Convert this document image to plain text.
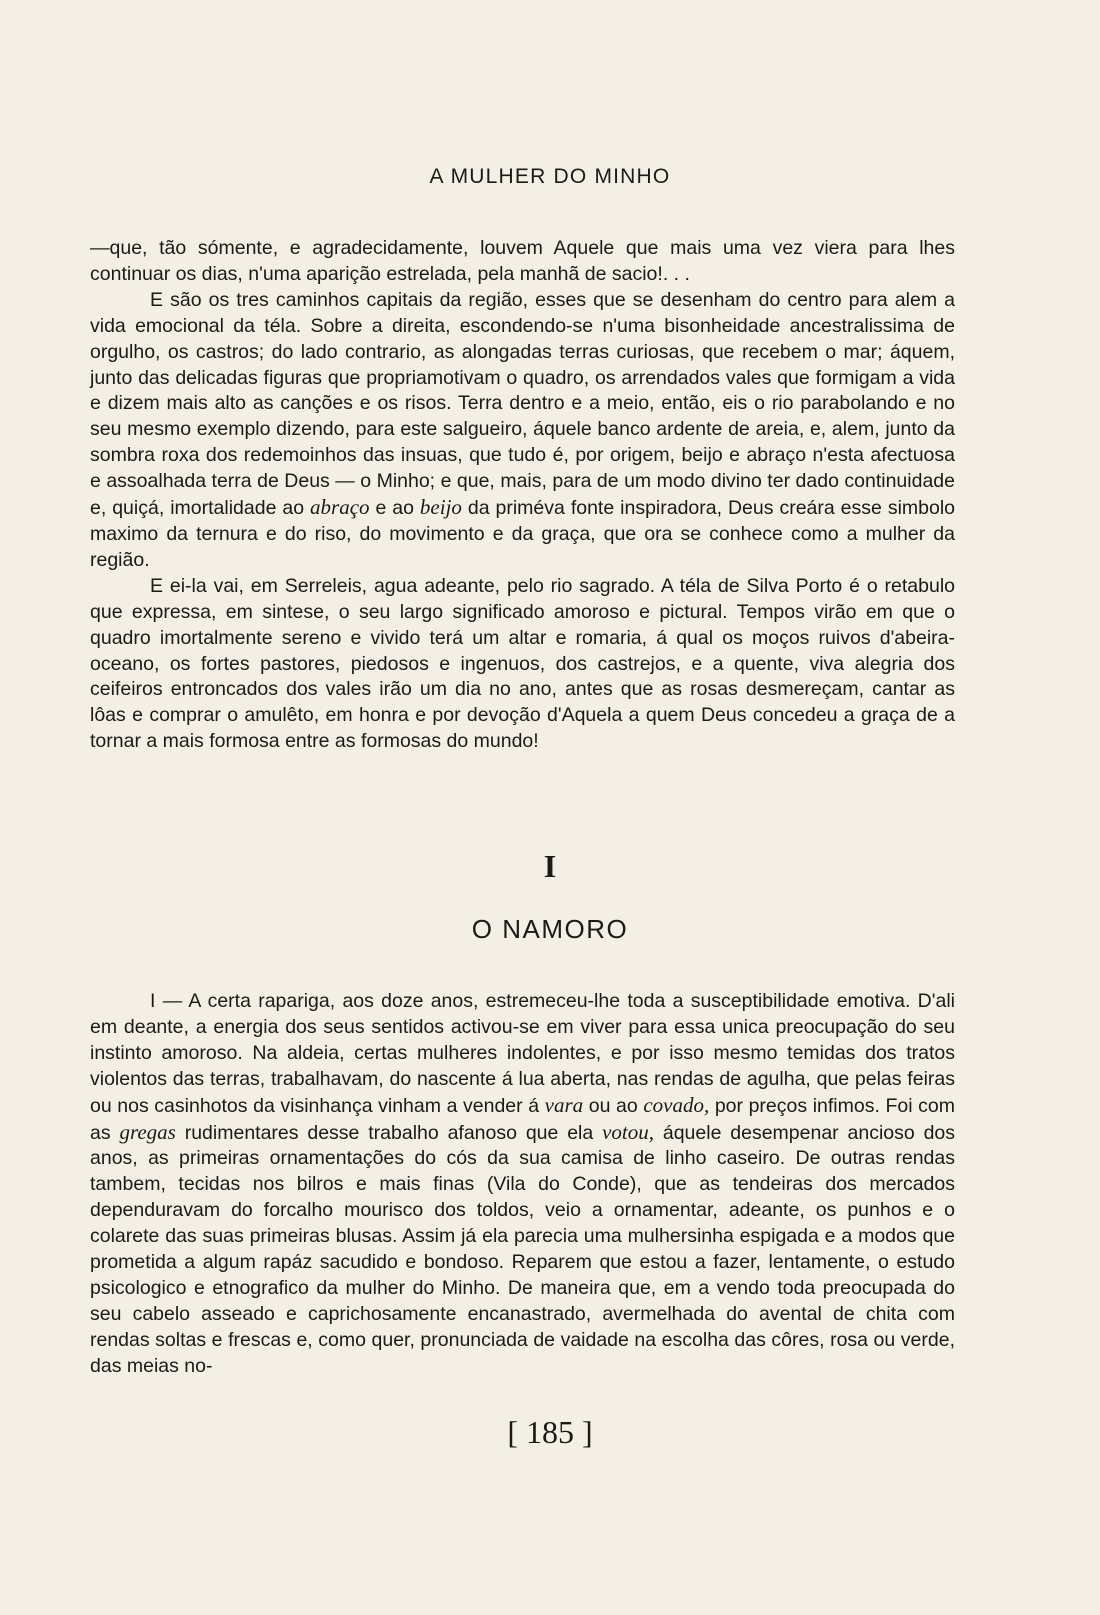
A MULHER DO MINHO

—que, tão sómente, e agradecidamente, louvem Aquele que mais uma vez viera para lhes continuar os dias, n'uma aparição estrelada, pela manhã de sacio!. . .

E são os tres caminhos capitais da região, esses que se desenham do centro para alem a vida emocional da téla. Sobre a direita, escondendo-se n'uma bisonheidade ancestralissima de orgulho, os castros; do lado contrario, as alongadas terras curiosas, que recebem o mar; áquem, junto das delicadas figuras que propriamotivam o quadro, os arrendados vales que formigam a vida e dizem mais alto as canções e os risos. Terra dentro e a meio, então, eis o rio parabolando e no seu mesmo exemplo dizendo, para este salgueiro, áquele banco ardente de areia, e, alem, junto da sombra roxa dos redemoinhos das insuas, que tudo é, por origem, beijo e abraço n'esta afectuosa e assoalhada terra de Deus — o Minho; e que, mais, para de um modo divino ter dado continuidade e, quiçá, imortalidade ao abraço e ao beijo da priméva fonte inspiradora, Deus creára esse simbolo maximo da ternura e do riso, do movimento e da graça, que ora se conhece como a mulher da região.

E ei-la vai, em Serreleis, agua adeante, pelo rio sagrado. A téla de Silva Porto é o retabulo que expressa, em sintese, o seu largo significado amoroso e pictural. Tempos virão em que o quadro imortalmente sereno e vivido terá um altar e romaria, á qual os moços ruivos d'abeira-oceano, os fortes pastores, piedosos e ingenuos, dos castrejos, e a quente, viva alegria dos ceifeiros entroncados dos vales irão um dia no ano, antes que as rosas desmereçam, cantar as lôas e comprar o amulêto, em honra e por devoção d'Aquela a quem Deus concedeu a graça de a tornar a mais formosa entre as formosas do mundo!

I
O NAMORO

I — A certa rapariga, aos doze anos, estremeceu-lhe toda a susceptibilidade emotiva. D'ali em deante, a energia dos seus sentidos activou-se em viver para essa unica preocupação do seu instinto amoroso. Na aldeia, certas mulheres indolentes, e por isso mesmo temidas dos tratos violentos das terras, trabalhavam, do nascente á lua aberta, nas rendas de agulha, que pelas feiras ou nos casinhotos da visinhança vinham a vender á vara ou ao covado, por preços infimos. Foi com as gregas rudimentares desse trabalho afanoso que ela votou, áquele desempenar ancioso dos anos, as primeiras ornamentações do cós da sua camisa de linho caseiro. De outras rendas tambem, tecidas nos bilros e mais finas (Vila do Conde), que as tendeiras dos mercados dependuravam do forcalho mourisco dos toldos, veio a ornamentar, adeante, os punhos e o colarete das suas primeiras blusas. Assim já ela parecia uma mulhersinha espigada e a modos que prometida a algum rapáz sacudido e bondoso. Reparem que estou a fazer, lentamente, o estudo psicologico e etnografico da mulher do Minho. De maneira que, em a vendo toda preocupada do seu cabelo asseado e caprichosamente encanastrado, avermelhada do avental de chita com rendas soltas e frescas e, como quer, pronunciada de vaidade na escolha das côres, rosa ou verde, das meias no-

[ 185 ]
